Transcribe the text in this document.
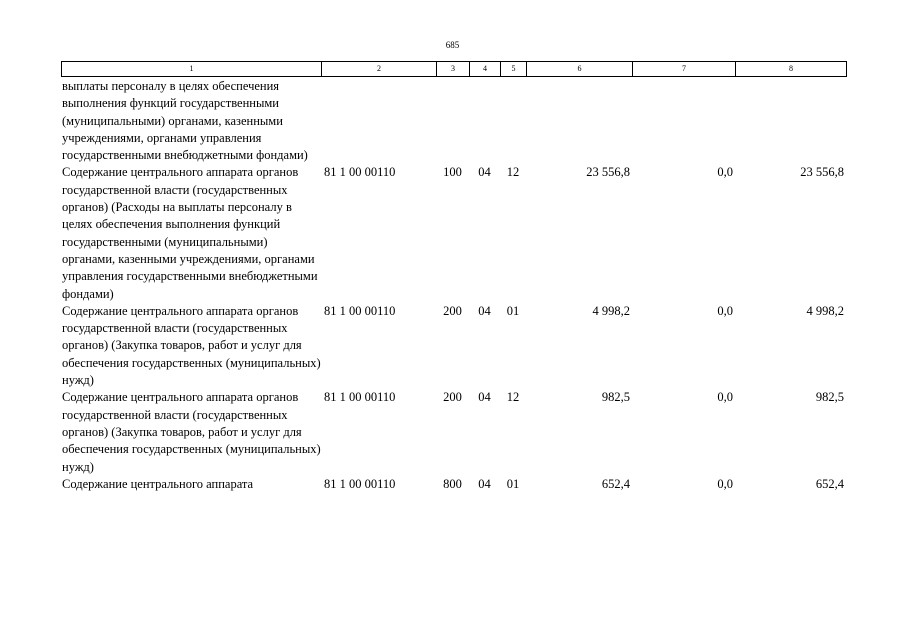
685
1	2	3	4	5	6	7	8
выплаты персоналу в целях обеспечения выполнения функций государственными (муниципальными) органами, казенными учреждениями, органами управления государственными внебюджетными фондами)							
Содержание центрального аппарата органов государственной власти (государственных органов) (Расходы на выплаты персоналу в целях обеспечения выполнения функций государственными (муниципальными) органами, казенными учреждениями, органами управления государственными внебюджетными фондами)	81 1 00 00110	100	04	12	23 556,8	0,0	23 556,8
Содержание центрального аппарата органов государственной власти (государственных органов) (Закупка товаров, работ и услуг для обеспечения государственных (муниципальных) нужд)	81 1 00 00110	200	04	01	4 998,2	0,0	4 998,2
Содержание центрального аппарата органов государственной власти (государственных органов) (Закупка товаров, работ и услуг для обеспечения государственных (муниципальных) нужд)	81 1 00 00110	200	04	12	982,5	0,0	982,5
Содержание центрального аппарата	81 1 00 00110	800	04	01	652,4	0,0	652,4
